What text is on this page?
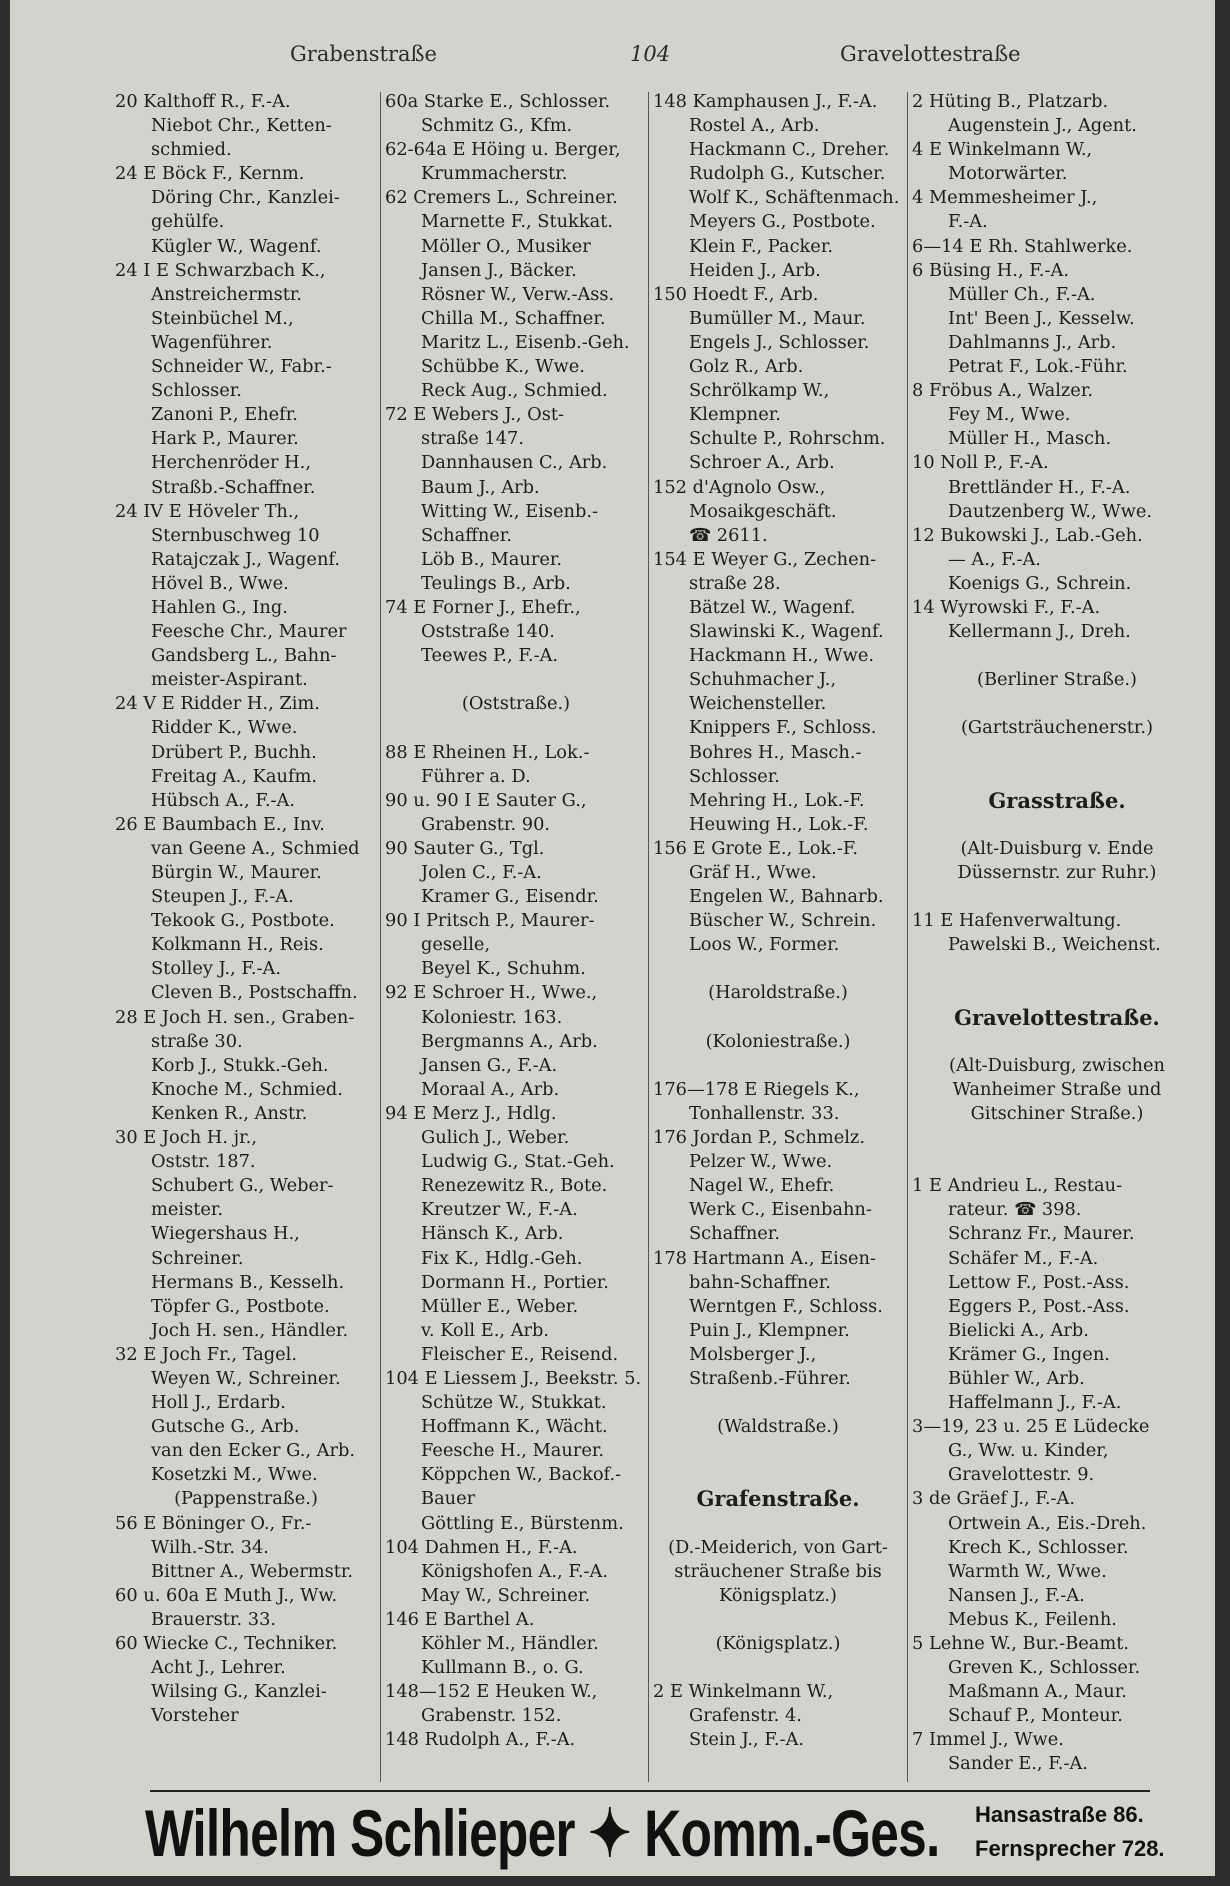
Grabenstraße	104	Gravelottestraße
20 Kalthoff R., F.-A.
Niebot Chr., Ketten-
schmied.
24 E Böck F., Kernm.
Döring Chr., Kanzlei-
gehülfe.
Kügler W., Wagenf.
24 I E Schwarzbach K.,
Anstreichermstr.
Steinbüchel M.,
Wagenführer.
Schneider W., Fabr.-
Schlosser.
Zanoni P., Ehefr.
Hark P., Maurer.
Herchenröder H.,
Straßb.-Schaffner.
24 IV E Höveler Th.,
Sternbuschweg 10
Ratajczak J., Wagenf.
Hövel B., Wwe.
Hahlen G., Ing.
Feesche Chr., Maurer
Gandsberg L., Bahn-
meister-Aspirant.
24 V E Ridder H., Zim.
Ridder K., Wwe.
Drübert P., Buchh.
Freitag A., Kaufm.
Hübsch A., F.-A.
26 E Baumbach E., Inv.
van Geene A., Schmied
Bürgin W., Maurer.
Steupen J., F.-A.
Tekook G., Postbote.
Kolkmann H., Reis.
Stolley J., F.-A.
Cleven B., Postschaffn.
28 E Joch H. sen., Graben-
straße 30.
Korb J., Stukk.-Geh.
Knoche M., Schmied.
Kenken R., Anstr.
30 E Joch H. jr.,
Oststr. 187.
Schubert G., Weber-
meister.
Wiegershaus H.,
Schreiner.
Hermans B., Kesselh.
Töpfer G., Postbote.
Joch H. sen., Händler.
32 E Joch Fr., Tagel.
Weyen W., Schreiner.
Holl J., Erdarb.
Gutsche G., Arb.
van den Ecker G., Arb.
Kosetzki M., Wwe.
(Pappenstraße.)
56 E Böninger O., Fr.-
Wilh.-Str. 34.
Bittner A., Webermstr.
60 u. 60a E Muth J., Ww.
Brauerstr. 33.
60 Wiecke C., Techniker.
Acht J., Lehrer.
Wilsing G., Kanzlei-
Vorsteher
60a Starke E., Schlosser.
Schmitz G., Kfm.
62-64a E Höing u. Berger,
Krummacherstr.
62 Cremers L., Schreiner.
Marnette F., Stukkat.
Möller O., Musiker
Jansen J., Bäcker.
Rösner W., Verw.-Ass.
Chilla M., Schaffner.
Maritz L., Eisenb.-Geh.
Schübbe K., Wwe.
Reck Aug., Schmied.
72 E Webers J., Ost-
straße 147.
Dannhausen C., Arb.
Baum J., Arb.
Witting W., Eisenb.-
Schaffner.
Löb B., Maurer.
Teulings B., Arb.
74 E Forner J., Ehefr.,
Oststraße 140.
Teewes P., F.-A.
(Oststraße.)
88 E Rheinen H., Lok.-
Führer a. D.
90 u. 90 I E Sauter G.,
Grabenstr. 90.
90 Sauter G., Tgl.
Jolen C., F.-A.
Kramer G., Eisendr.
90 I Pritsch P., Maurer-
geselle,
Beyel K., Schuhm.
92 E Schroer H., Wwe.,
Koloniestr. 163.
Bergmanns A., Arb.
Jansen G., F.-A.
Moraal A., Arb.
94 E Merz J., Hdlg.
Gulich J., Weber.
Ludwig G., Stat.-Geh.
Renezewitz R., Bote.
Kreutzer W., F.-A.
Hänsch K., Arb.
Fix K., Hdlg.-Geh.
Dormann H., Portier.
Müller E., Weber.
v. Koll E., Arb.
Fleischer E., Reisend.
104 E Liessem J., Beekstr. 5.
Schütze W., Stukkat.
Hoffmann K., Wächt.
Feesche H., Maurer.
Köppchen W., Backof.-
Bauer
Göttling E., Bürstenm.
104 Dahmen H., F.-A.
Königshofen A., F.-A.
May W., Schreiner.
146 E Barthel A.
Köhler M., Händler.
Kullmann B., o. G.
148—152 E Heuken W.,
Grabenstr. 152.
148 Rudolph A., F.-A.
148 Kamphausen J., F.-A.
Rostel A., Arb.
Hackmann C., Dreher.
Rudolph G., Kutscher.
Wolf K., Schäftenmach.
Meyers G., Postbote.
Klein F., Packer.
Heiden J., Arb.
150 Hoedt F., Arb.
Bumüller M., Maur.
Engels J., Schlosser.
Golz R., Arb.
Schrölkamp W.,
Klempner.
Schulte P., Rohrschm.
Schroer A., Arb.
152 d'Agnolo Osw.,
Mosaikgeschäft.
☎ 2611.
154 E Weyer G., Zechen-
straße 28.
Bätzel W., Wagenf.
Slawinski K., Wagenf.
Hackmann H., Wwe.
Schuhmacher J.,
Weichensteller.
Knippers F., Schloss.
Bohres H., Masch.-
Schlosser.
Mehring H., Lok.-F.
Heuwing H., Lok.-F.
156 E Grote E., Lok.-F.
Gräf H., Wwe.
Engelen W., Bahnarb.
Büscher W., Schrein.
Loos W., Former.
(Haroldstraße.)
(Koloniestraße.)
176—178 E Riegels K.,
Tonhallenstr. 33.
176 Jordan P., Schmelz.
Pelzer W., Wwe.
Nagel W., Ehefr.
Werk C., Eisenbahn-
Schaffner.
178 Hartmann A., Eisen-
bahn-Schaffner.
Werntgen F., Schloss.
Puin J., Klempner.
Molsberger J.,
Straßenb.-Führer.
(Waldstraße.)
Grafenstraße.
(D.-Meiderich, von Gart-
sträuchener Straße bis
Königsplatz.)
(Königsplatz.)
2 E Winkelmann W.,
Grafenstr. 4.
Stein J., F.-A.
2 Hüting B., Platzarb.
Augenstein J., Agent.
4 E Winkelmann W.,
Motorwärter.
4 Memmesheimer J.,
F.-A.
6—14 E Rh. Stahlwerke.
6 Büsing H., F.-A.
Müller Ch., F.-A.
Int' Been J., Kesselw.
Dahlmanns J., Arb.
Petrat F., Lok.-Führ.
8 Fröbus A., Walzer.
Fey M., Wwe.
Müller H., Masch.
10 Noll P., F.-A.
Brettländer H., F.-A.
Dautzenberg W., Wwe.
12 Bukowski J., Lab.-Geh.
— A., F.-A.
Koenigs G., Schrein.
14 Wyrowski F., F.-A.
Kellermann J., Dreh.
(Berliner Straße.)
(Gartsträuchenerstr.)
Grasstraße.
(Alt-Duisburg v. Ende
Düssernstr. zur Ruhr.)
11 E Hafenverwaltung.
Pawelski B., Weichenst.
Gravelottestraße.
(Alt-Duisburg, zwischen
Wanheimer Straße und
Gitschiner Straße.)
1 E Andrieu L., Restau-
rateur. ☎ 398.
Schranz Fr., Maurer.
Schäfer M., F.-A.
Lettow F., Post.-Ass.
Eggers P., Post.-Ass.
Bielicki A., Arb.
Krämer G., Ingen.
Bühler W., Arb.
Haffelmann J., F.-A.
3—19, 23 u. 25 E Lüdecke
G., Ww. u. Kinder,
Gravelottestr. 9.
3 de Gräef J., F.-A.
Ortwein A., Eis.-Dreh.
Krech K., Schlosser.
Warmth W., Wwe.
Nansen J., F.-A.
Mebus K., Feilenh.
5 Lehne W., Bur.-Beamt.
Greven K., Schlosser.
Maßmann A., Maur.
Schauf P., Monteur.
7 Immel J., Wwe.
Sander E., F.-A.
Wilhelm Schlieper ✦ Komm.-Ges. Hansastraße 86.
Fernsprecher 728.
